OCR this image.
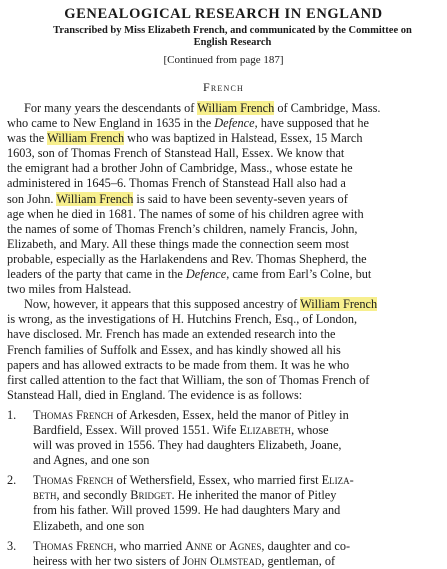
GENEALOGICAL RESEARCH IN ENGLAND
Transcribed by Miss Elizabeth French, and communicated by the Committee on
English Research
[Continued from page 187]
French
For many years the descendants of William French of Cambridge, Mass.
who came to New England in 1635 in the Defence, have supposed that he
was the William French who was baptized in Halstead, Essex, 15 March
1603, son of Thomas French of Stanstead Hall, Essex. We know that
the emigrant had a brother John of Cambridge, Mass., whose estate he
administered in 1645–6. Thomas French of Stanstead Hall also had a
son John. William French is said to have been seventy-seven years of
age when he died in 1681. The names of some of his children agree with
the names of some of Thomas French’s children, namely Francis, John,
Elizabeth, and Mary. All these things made the connection seem most
probable, especially as the Harlakendens and Rev. Thomas Shepherd, the
leaders of the party that came in the Defence, came from Earl’s Colne, but
two miles from Halstead.
Now, however, it appears that this supposed ancestry of William French
is wrong, as the investigations of H. Hutchins French, Esq., of London,
have disclosed. Mr. French has made an extended research into the
French families of Suffolk and Essex, and has kindly showed all his
papers and has allowed extracts to be made from them. It was he who
first called attention to the fact that William, the son of Thomas French of
Stanstead Hall, died in England. The evidence is as follows:
1. Thomas French of Arkesden, Essex, held the manor of Pitley in
Bardfield, Essex. Will proved 1551. Wife Elizabeth, whose
will was proved in 1556. They had daughters Elizabeth, Joane,
and Agnes, and one son
2. Thomas French of Wethersfield, Essex, who married first Eliza-
beth, and secondly Bridget. He inherited the manor of Pitley
from his father. Will proved 1599. He had daughters Mary and
Elizabeth, and one son
3. Thomas French, who married Anne or Agnes, daughter and co-
heiress with her two sisters of John Olmstead, gentleman, of
